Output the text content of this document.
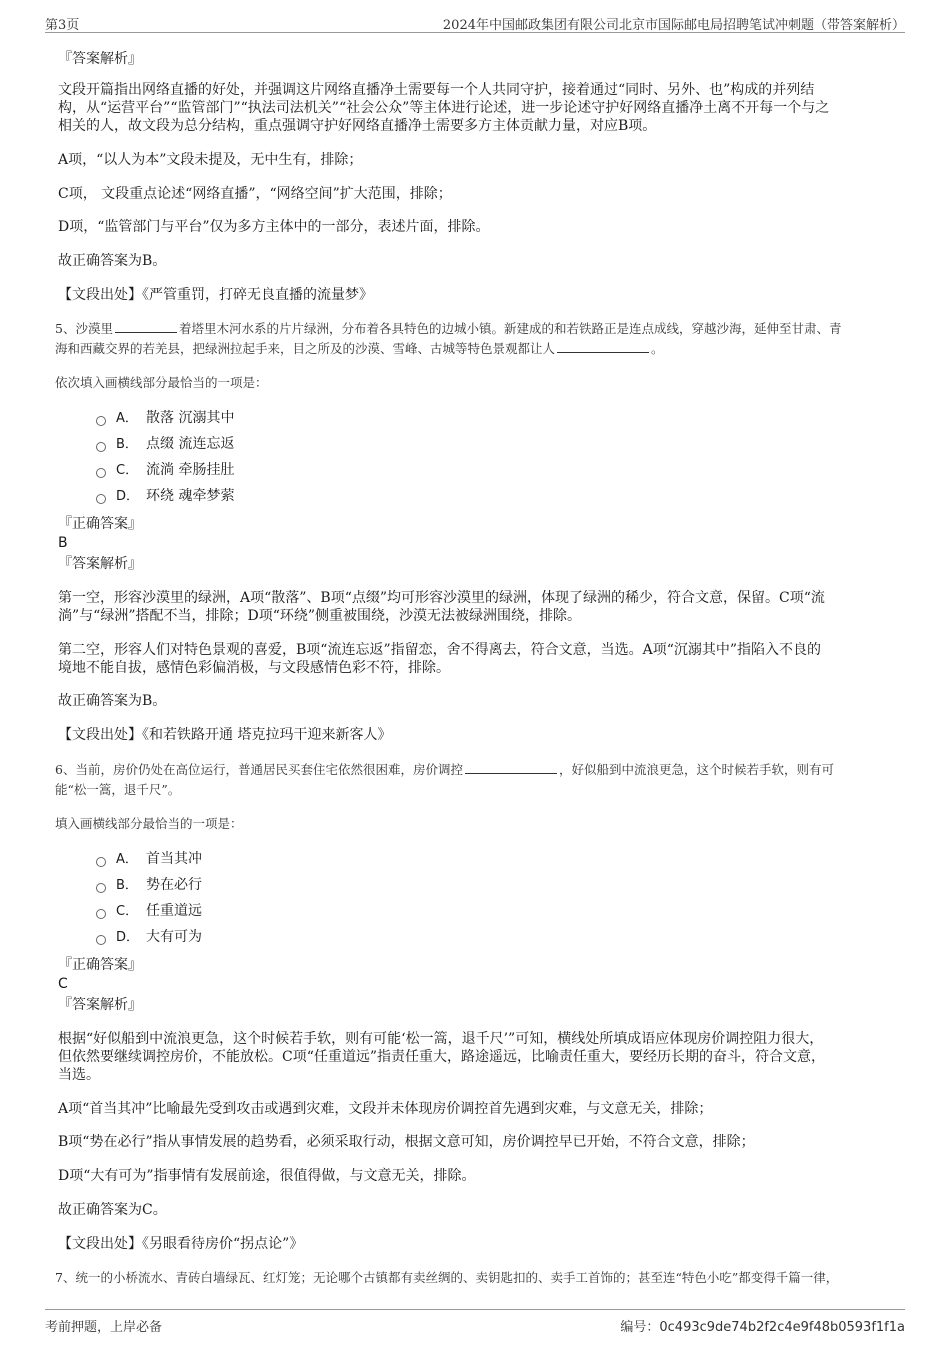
第3页	2024年中国邮政集团有限公司北京市国际邮电局招聘笔试冲刺题（带答案解析）
『答案解析』
文段开篇指出网络直播的好处，并强调这片网络直播净土需要每一个人共同守护，接着通过“同时、另外、也”构成的并列结
构，从“运营平台”“监管部门”“执法司法机关”“社会公众”等主体进行论述，进一步论述守护好网络直播净土离不开每一个与之
相关的人，故文段为总分结构，重点强调守护好网络直播净土需要多方主体贡献力量，对应B项。
A项，“以人为本”文段未提及，无中生有，排除；
C项， 文段重点论述“网络直播”，“网络空间”扩大范围，排除；
D项，“监管部门与平台”仅为多方主体中的一部分，表述片面，排除。
故正确答案为B。
【文段出处】《严管重罚，打碎无良直播的流量梦》
5、沙漠里	着塔里木河水系的片片绿洲，分布着各具特色的边城小镇。新建成的和若铁路正是连点成线，穿越沙海，延伸至甘肃、青
海和西藏交界的若羌县，把绿洲拉起手来，目之所及的沙漠、雪峰、古城等特色景观都让人	。
依次填入画横线部分最恰当的一项是：
A． 散落 沉溺其中
B． 点缀 流连忘返
C． 流淌 牵肠挂肚
D． 环绕 魂牵梦萦
『正确答案』
B
『答案解析』
第一空，形容沙漠里的绿洲，A项“散落”、B项“点缀”均可形容沙漠里的绿洲，体现了绿洲的稀少，符合文意，保留。C项“流
淌”与“绿洲”搭配不当，排除；D项“环绕”侧重被围绕，沙漠无法被绿洲围绕，排除。
第二空，形容人们对特色景观的喜爱，B项“流连忘返”指留恋，舍不得离去，符合文意，当选。A项“沉溺其中”指陷入不良的
境地不能自拔，感情色彩偏消极，与文段感情色彩不符，排除。
故正确答案为B。
【文段出处】《和若铁路开通 塔克拉玛干迎来新客人》
6、当前，房价仍处在高位运行，普通居民买套住宅依然很困难，房价调控	，好似船到中流浪更急，这个时候若手软，则有可
能“松一篙，退千尺”。
填入画横线部分最恰当的一项是：
A． 首当其冲
B． 势在必行
C． 任重道远
D． 大有可为
『正确答案』
C
『答案解析』
根据“好似船到中流浪更急，这个时候若手软，则有可能‘松一篙，退千尺’”可知，横线处所填成语应体现房价调控阻力很大，
但依然要继续调控房价，不能放松。C项“任重道远”指责任重大，路途遥远，比喻责任重大，要经历长期的奋斗，符合文意，
当选。
A项“首当其冲”比喻最先受到攻击或遇到灾难，文段并未体现房价调控首先遇到灾难，与文意无关，排除；
B项“势在必行”指从事情发展的趋势看，必须采取行动，根据文意可知，房价调控早已开始，不符合文意，排除；
D项“大有可为”指事情有发展前途，很值得做，与文意无关，排除。
故正确答案为C。
【文段出处】《另眼看待房价“拐点论”》
7、统一的小桥流水、青砖白墙绿瓦、红灯笼；无论哪个古镇都有卖丝绸的、卖钥匙扣的、卖手工首饰的；甚至连“特色小吃”都变得千篇一律，
考前押题，上岸必备	编号：0c493c9de74b2f2c4e9f48b0593f1f1a
